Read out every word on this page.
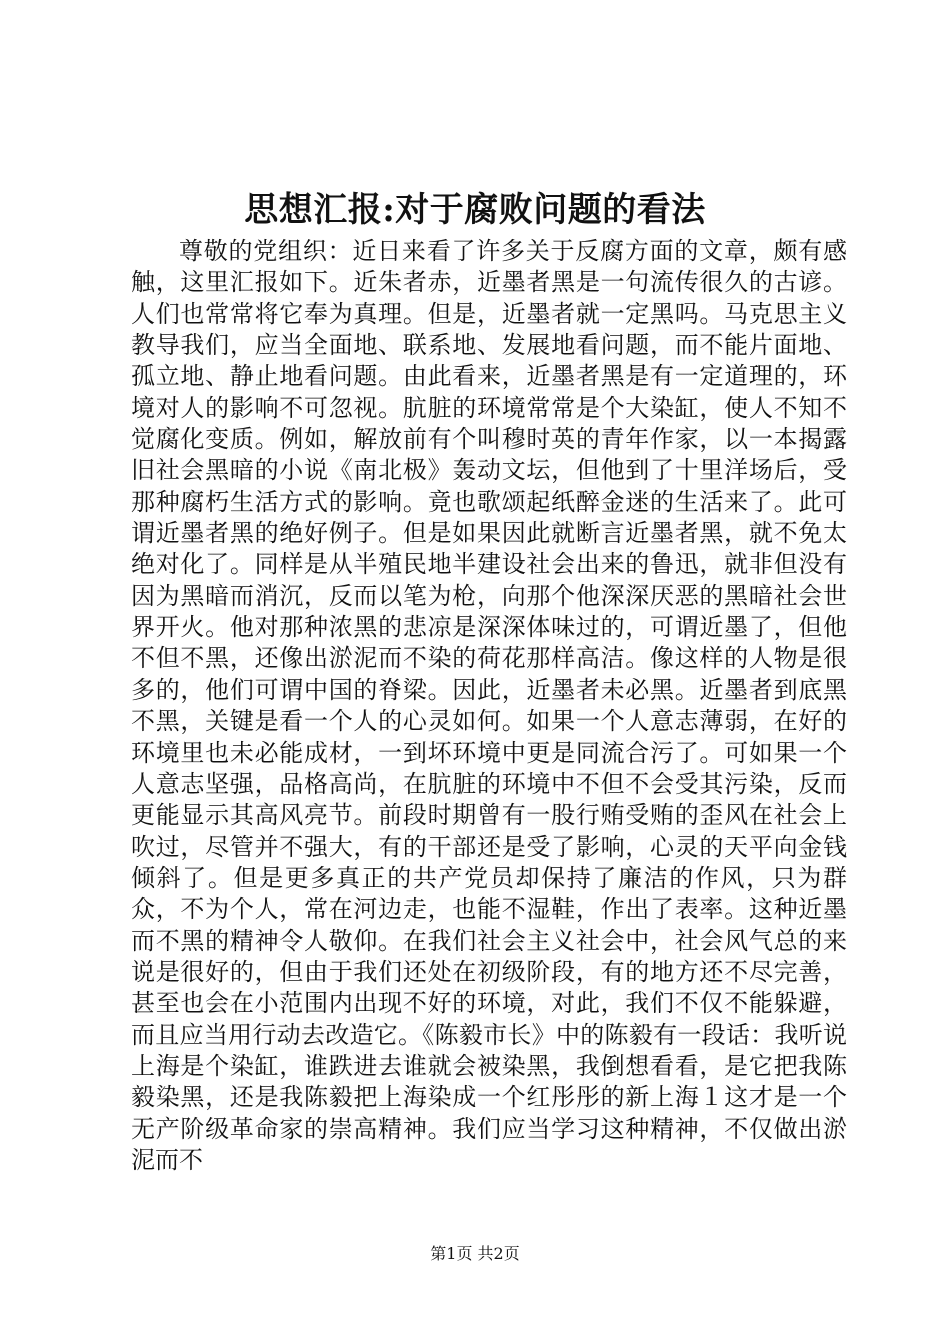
思想汇报:对于腐败问题的看法

尊敬的党组织：近日来看了许多关于反腐方面的文章，颇有感触，这里汇报如下。近朱者赤，近墨者黑是一句流传很久的古谚。人们也常常将它奉为真理。但是，近墨者就一定黑吗。马克思主义教导我们，应当全面地、联系地、发展地看问题，而不能片面地、孤立地、静止地看问题。由此看来，近墨者黑是有一定道理的，环境对人的影响不可忽视。肮脏的环境常常是个大染缸，使人不知不觉腐化变质。例如，解放前有个叫穆时英的青年作家，以一本揭露旧社会黑暗的小说《南北极》轰动文坛，但他到了十里洋场后，受那种腐朽生活方式的影响。竟也歌颂起纸醉金迷的生活来了。此可谓近墨者黑的绝好例子。但是如果因此就断言近墨者黑，就不免太绝对化了。同样是从半殖民地半建设社会出来的鲁迅，就非但没有因为黑暗而消沉，反而以笔为枪，向那个他深深厌恶的黑暗社会世界开火。他对那种浓黑的悲凉是深深体味过的，可谓近墨了，但他不但不黑，还像出淤泥而不染的荷花那样高洁。像这样的人物是很多的，他们可谓中国的脊梁。因此，近墨者未必黑。近墨者到底黑不黑，关键是看一个人的心灵如何。如果一个人意志薄弱，在好的环境里也未必能成材，一到坏环境中更是同流合污了。可如果一个人意志坚强，品格高尚，在肮脏的环境中不但不会受其污染，反而更能显示其高风亮节。前段时期曾有一股行贿受贿的歪风在社会上吹过，尽管并不强大，有的干部还是受了影响，心灵的天平向金钱倾斜了。但是更多真正的共产党员却保持了廉洁的作风，只为群众，不为个人，常在河边走，也能不湿鞋，作出了表率。这种近墨而不黑的精神令人敬仰。在我们社会主义社会中，社会风气总的来说是很好的，但由于我们还处在初级阶段，有的地方还不尽完善，甚至也会在小范围内出现不好的环境，对此，我们不仅不能躲避，而且应当用行动去改造它。《陈毅市长》中的陈毅有一段话：我听说上海是个染缸，谁跌进去谁就会被染黑，我倒想看看，是它把我陈毅染黑，还是我陈毅把上海染成一个红彤彤的新上海１这才是一个无产阶级革命家的崇高精神。我们应当学习这种精神，不仅做出淤泥而不

第1页 共2页
